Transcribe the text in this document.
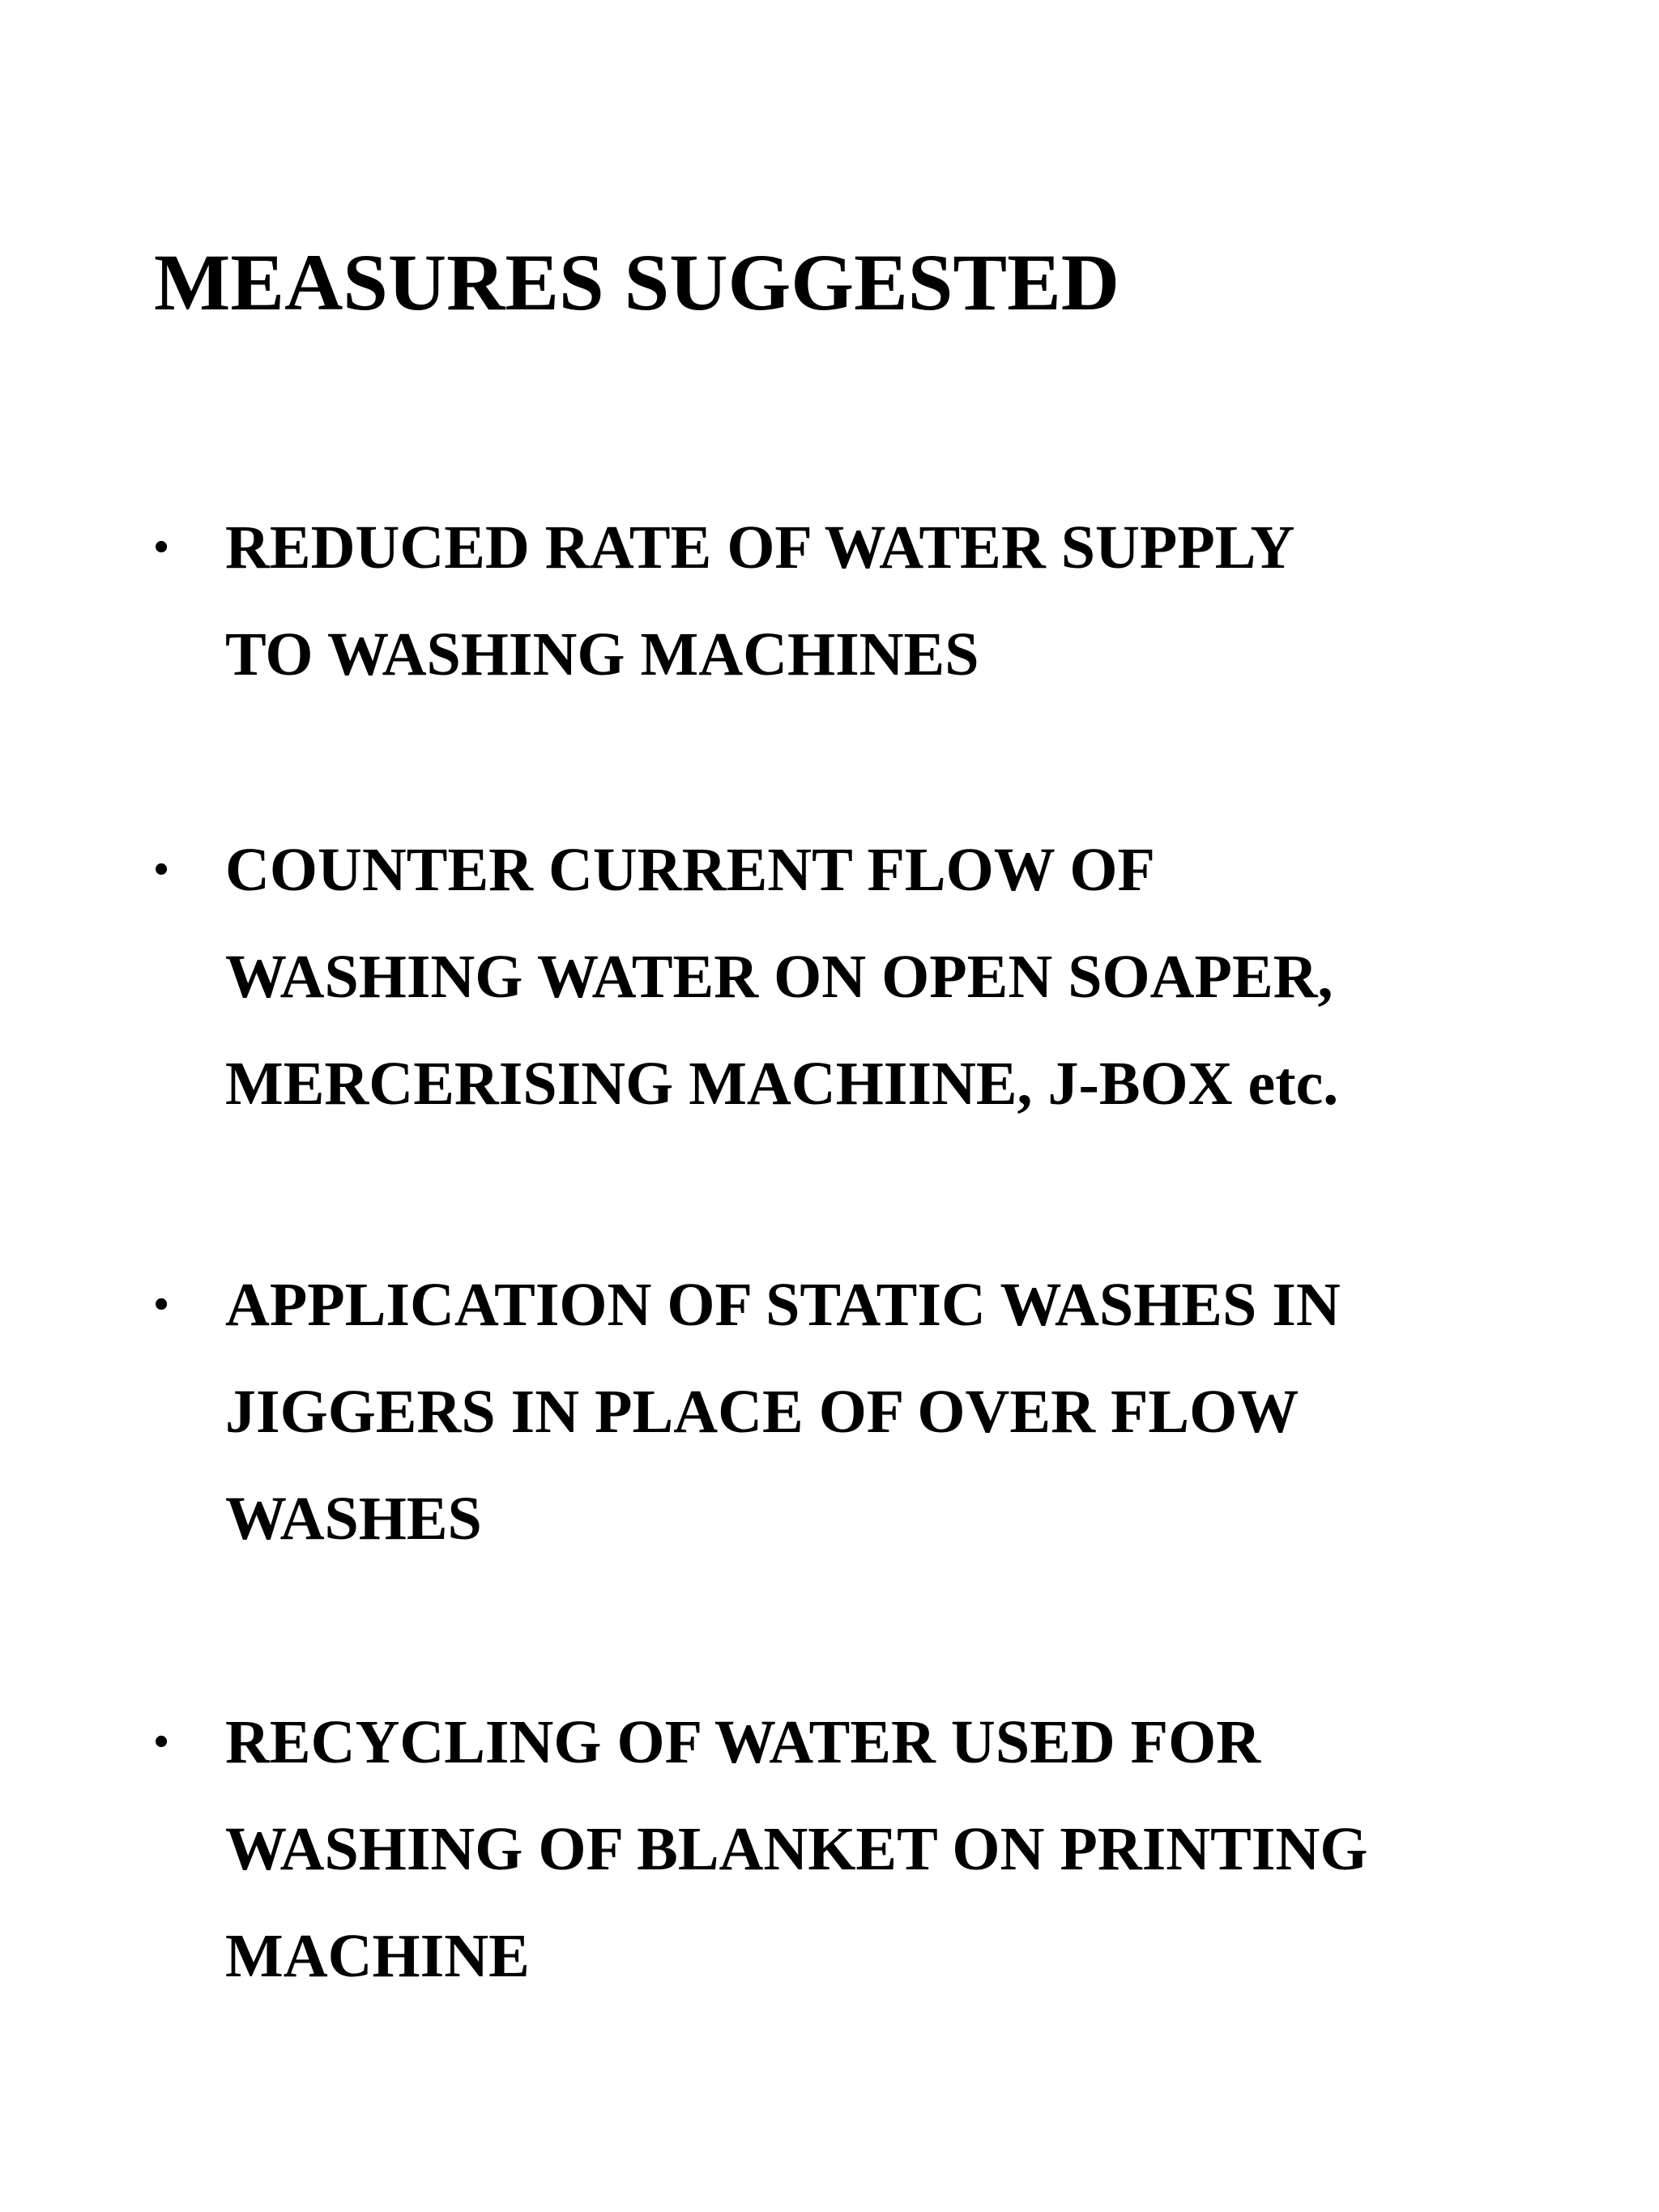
MEASURES SUGGESTED
• REDUCED RATE OF WATER SUPPLY
TO WASHING MACHINES
• COUNTER CURRENT FLOW OF
WASHING WATER ON OPEN SOAPER,
MERCERISING MACHIINE, J-BOX etc.
• APPLICATION OF STATIC WASHES IN
JIGGERS IN PLACE OF OVER FLOW
WASHES
• RECYCLING OF WATER USED FOR
WASHING OF BLANKET ON PRINTING
MACHINE
